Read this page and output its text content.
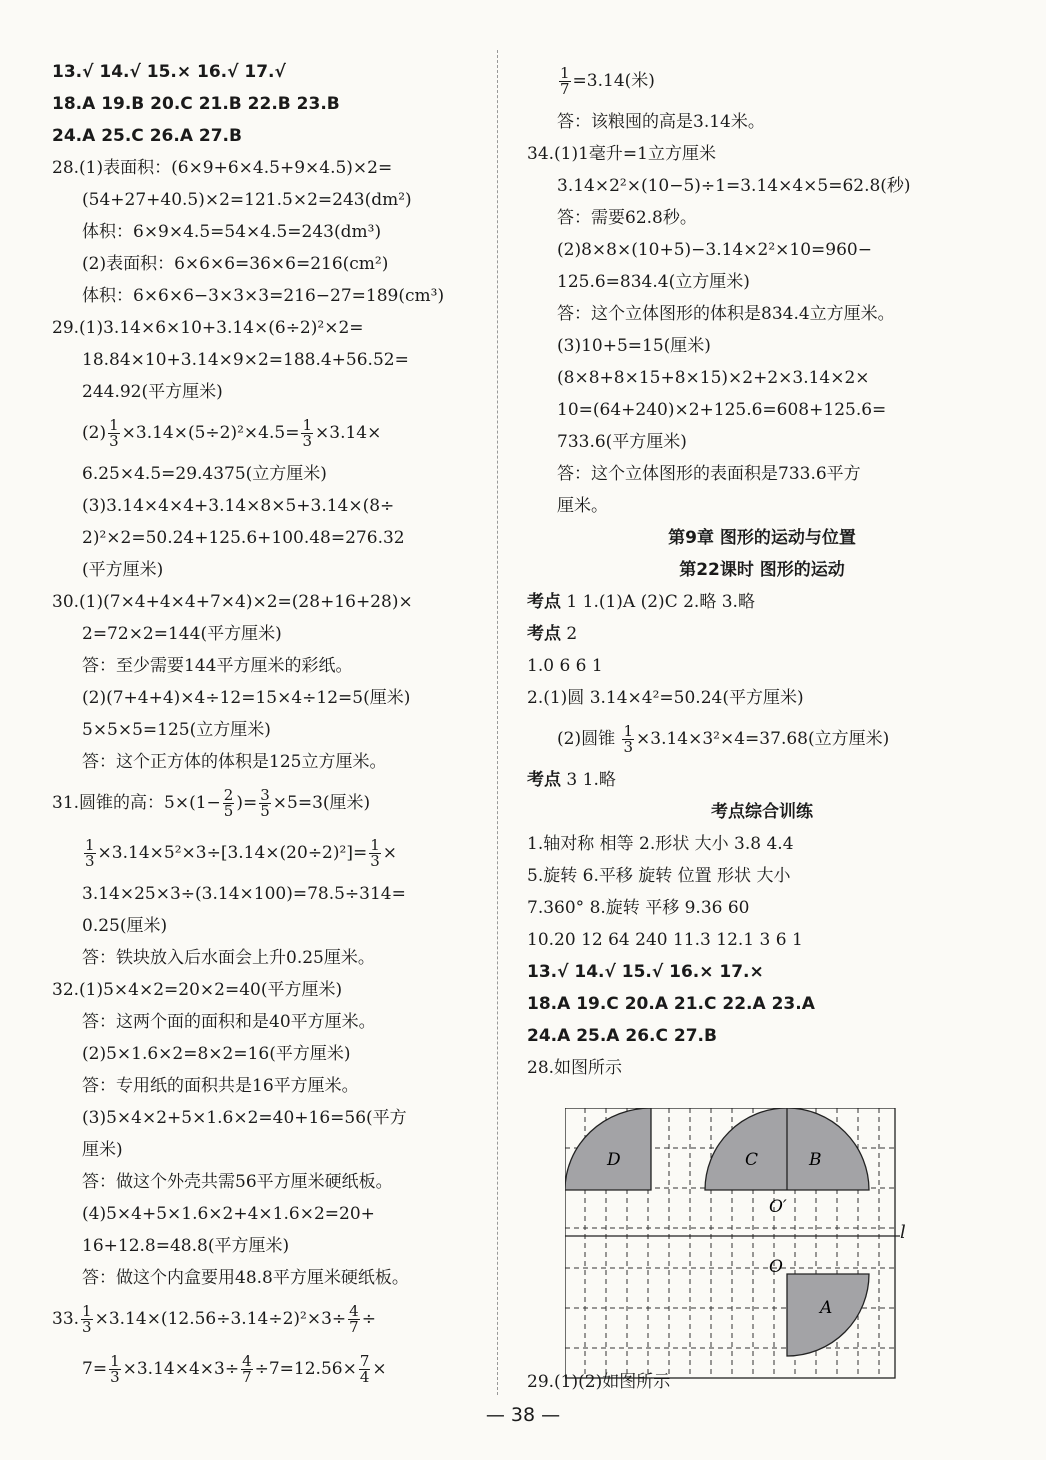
13.√ 14.√ 15.× 16.√ 17.√
18.A 19.B 20.C 21.B 22.B 23.B
24.A 25.C 26.A 27.B
28.(1)表面积：(6×9+6×4.5+9×4.5)×2=
(54+27+40.5)×2=121.5×2=243(dm²)
体积：6×9×4.5=54×4.5=243(dm³)
(2)表面积：6×6×6=36×6=216(cm²)
体积：6×6×6−3×3×3=216−27=189(cm³)
29.(1)3.14×6×10+3.14×(6÷2)²×2=
18.84×10+3.14×9×2=188.4+56.52=
244.92(平方厘米)
$(2) \frac{1}{3} \times 3.14\times(5\div 2)^2\times 4.5= \frac{1}{3} \times 3.14\times$
6.25×4.5=29.4375(立方厘米)
(3)3.14×4×4+3.14×8×5+3.14×(8÷
2)²×2=50.24+125.6+100.48=276.32
(平方厘米)
30.(1)(7×4+4×4+7×4)×2=(28+16+28)×
2=72×2=144(平方厘米)
答：至少需要144平方厘米的彩纸。
(2)(7+4+4)×4÷12=15×4÷12=5(厘米)
5×5×5=125(立方厘米)
答：这个正方体的体积是125立方厘米。
31.圆锥的高：$5\times(1- \frac{2}{5}$ )= $\frac{3}{5} \times 5=3$(厘米)
$\frac{1}{3} \times 3.14\times 5^2\times 3\div[3.14\times(20\div 2)^2]= \frac{1}{3}$ ×
3.14×25×3÷(3.14×100)=78.5÷314=
0.25(厘米)
答：铁块放入后水面会上升0.25厘米。
32.(1)5×4×2=20×2=40(平方厘米)
答：这两个面的面积和是40平方厘米。
(2)5×1.6×2=8×2=16(平方厘米)
答：专用纸的面积共是16平方厘米。
(3)5×4×2+5×1.6×2=40+16=56(平方
厘米)
答：做这个外壳共需56平方厘米硬纸板。
(4)5×4+5×1.6×2+4×1.6×2=20+
16+12.8=48.8(平方厘米)
答：做这个内盒要用48.8平方厘米硬纸板。
33. $\frac{1}{3} \times 3.14\times(12.56\div 3.14\div 2)^2\times 3\div \frac{4}{7}$ ÷
$7= \frac{1}{3} \times 3.14\times 4\times 3\div \frac{4}{7} \div 7=12.56\times \frac{7}{4}$ ×
$\frac{1}{7} =3.14$(米)
答：该粮囤的高是3.14米。
34.(1)1毫升=1立方厘米
3.14×2²×(10−5)÷1=3.14×4×5=62.8(秒)
答：需要62.8秒。
(2)8×8×(10+5)−3.14×2²×10=960−
125.6=834.4(立方厘米)
答：这个立体图形的体积是834.4立方厘米。
(3)10+5=15(厘米)
(8×8+8×15+8×15)×2+2×3.14×2×
10=(64+240)×2+125.6=608+125.6=
733.6(平方厘米)
答：这个立体图形的表面积是733.6平方
厘米。
第9章 图形的运动与位置
第22课时 图形的运动
考点 1 1.(1)A (2)C 2.略 3.略
考点 2
1.0 6 6 1
2.(1)圆 3.14×4²=50.24(平方厘米)
(2)圆锥 $\frac{1}{3} \times 3.14\times 3^2\times 4=37.68$(立方厘米)
考点 3 1.略
考点综合训练
1.轴对称 相等 2.形状 大小 3.8 4.4
5.旋转 6.平移 旋转 位置 形状 大小
7.360° 8.旋转 平移 9.36 60
10.20 12 64 240 11.3 12.1 3 6 1
13.√ 14.√ 15.√ 16.× 17.×
18.A 19.C 20.A 21.C 22.A 23.A
24.A 25.A 26.C 27.B
28.如图所示
D	C	B
A
O′
O
l
29.(1)(2)如图所示
— 38 —
